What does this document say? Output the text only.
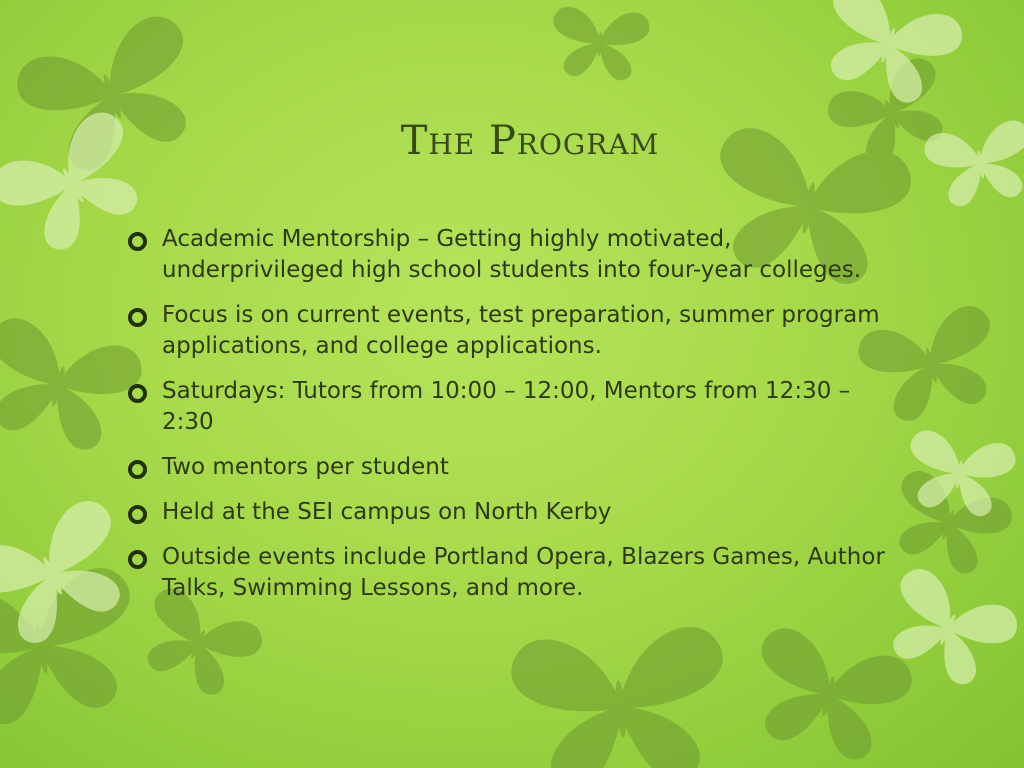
The Program
Academic Mentorship – Getting highly motivated, underprivileged high school students into four-year colleges.
Focus is on current events, test preparation, summer program applications, and college applications.
Saturdays: Tutors from 10:00 – 12:00, Mentors from 12:30 – 2:30
Two mentors per student
Held at the SEI campus on North Kerby
Outside events include Portland Opera, Blazers Games, Author Talks, Swimming Lessons, and more.
